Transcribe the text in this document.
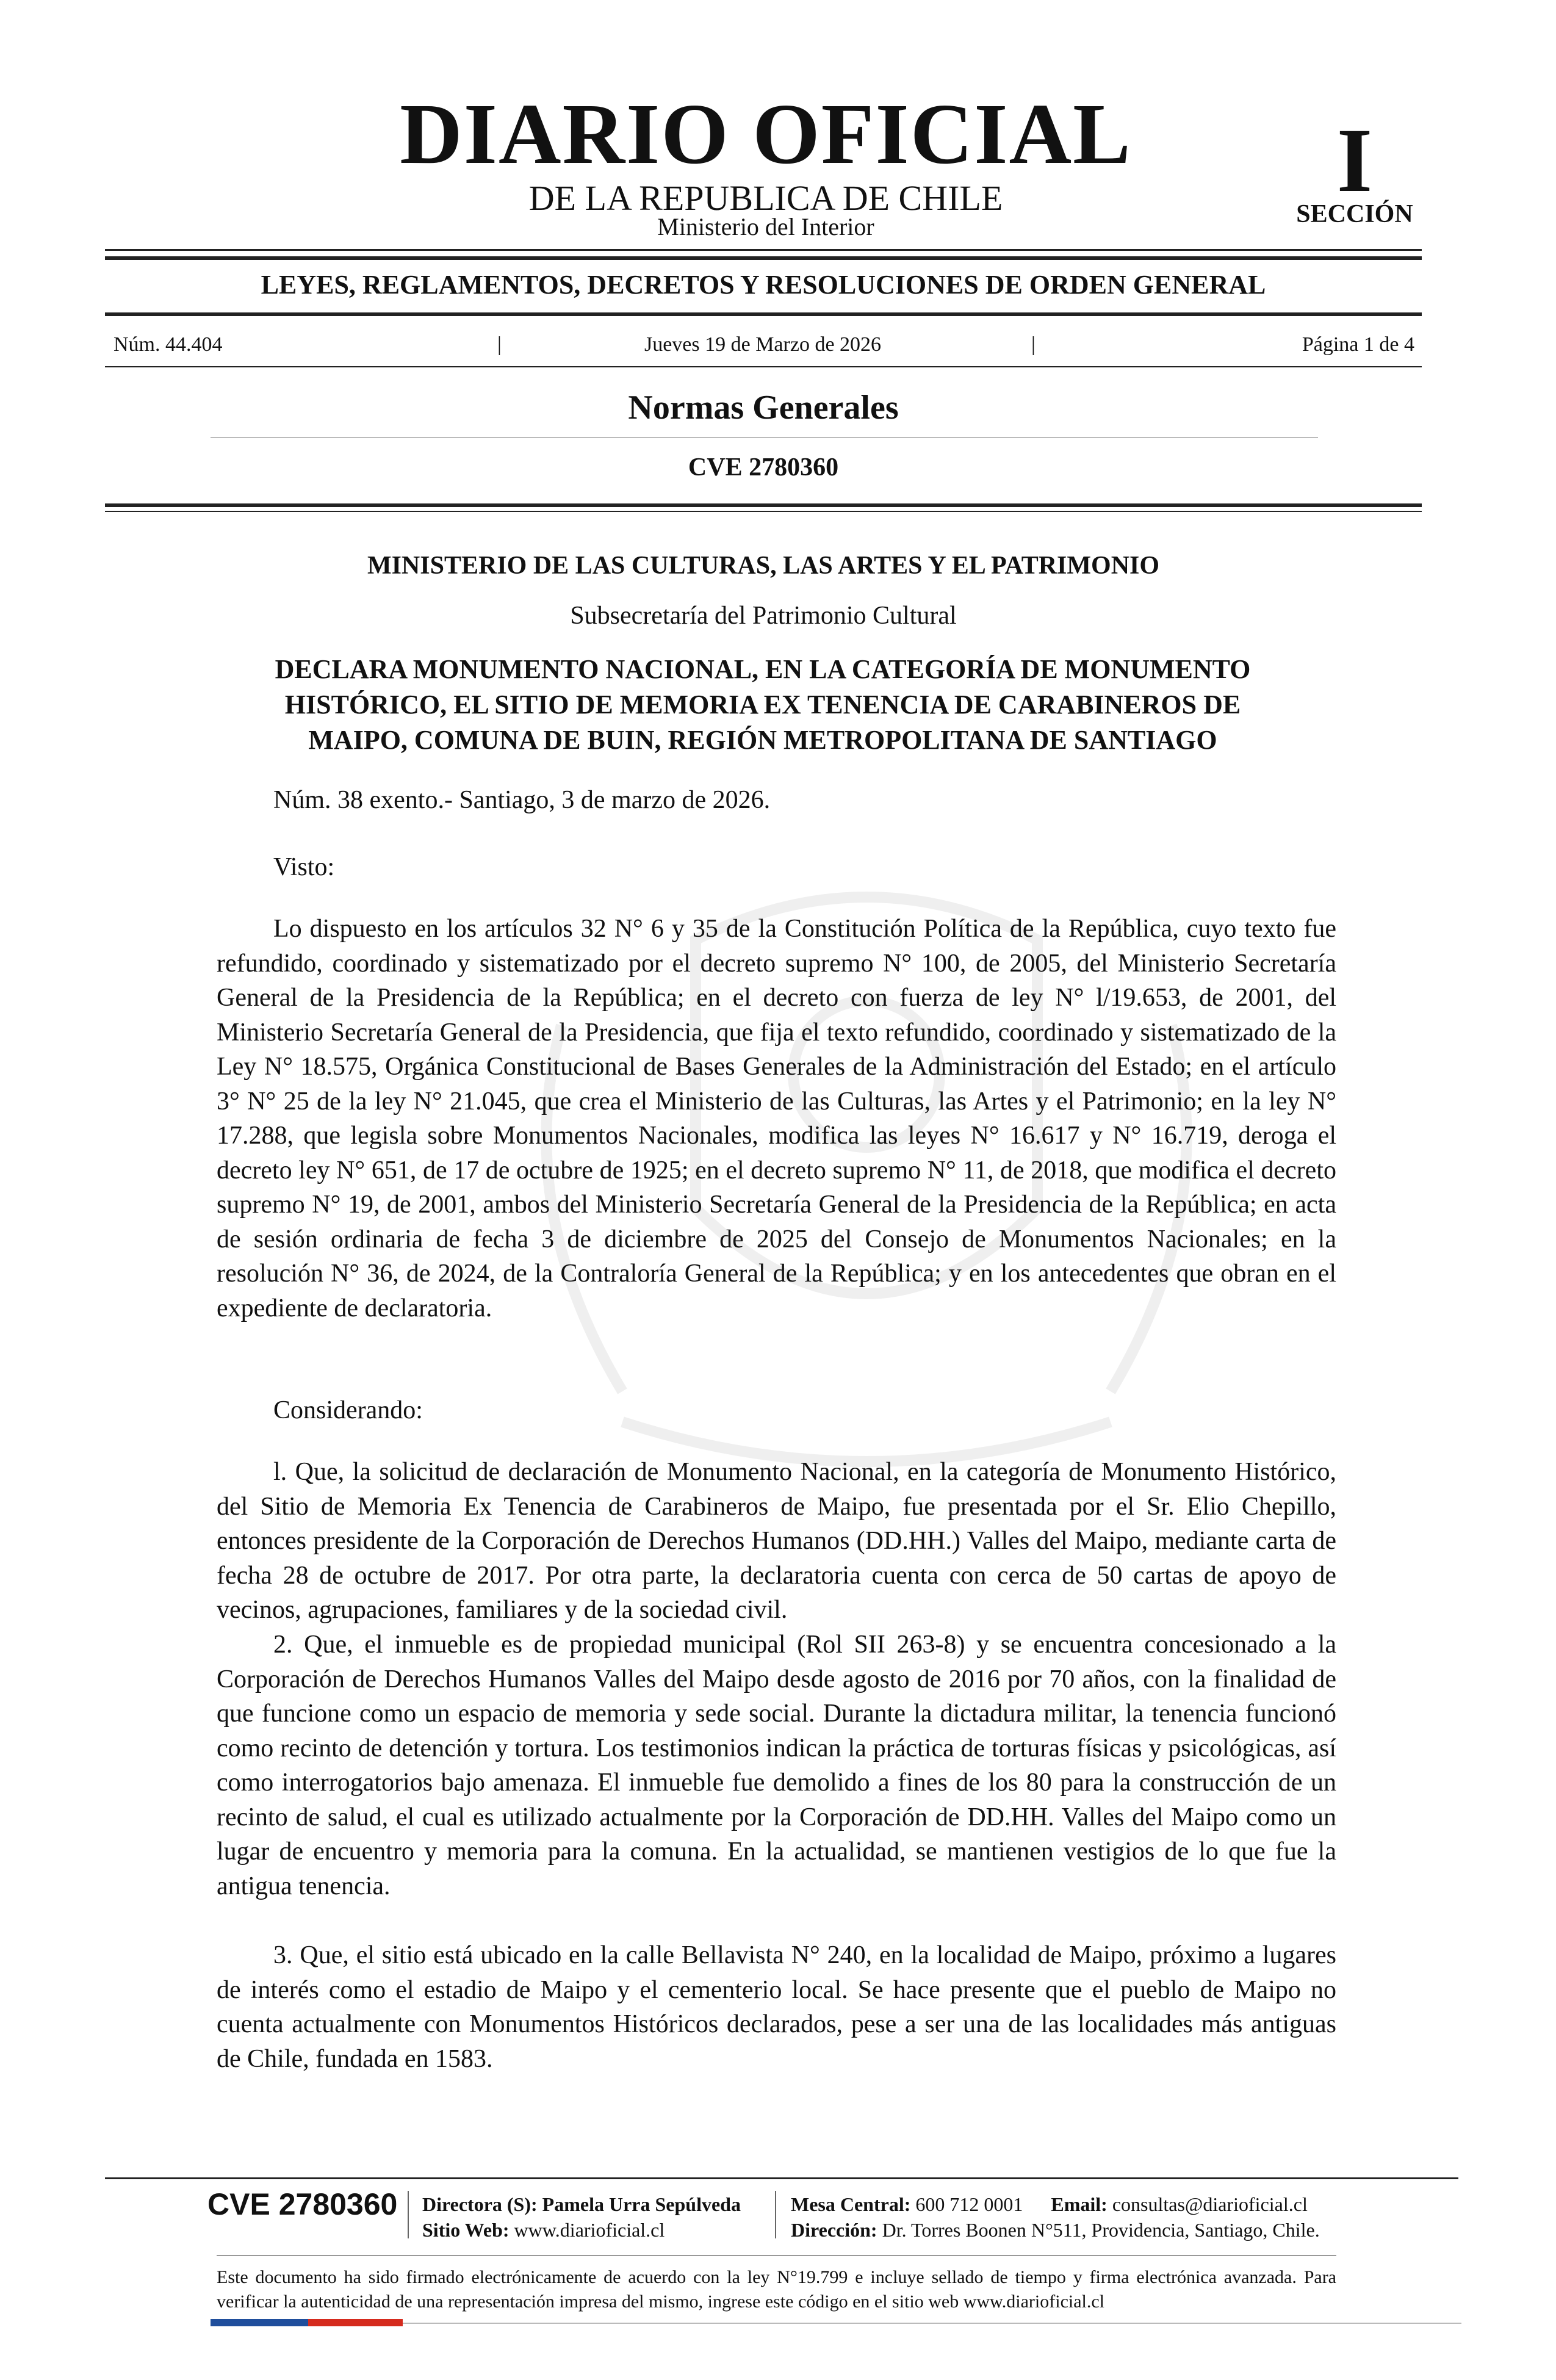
DIARIO OFICIAL
DE LA REPUBLICA DE CHILE
Ministerio del Interior
I
SECCIÓN
LEYES, REGLAMENTOS, DECRETOS Y RESOLUCIONES DE ORDEN GENERAL
Núm. 44.404	|	Jueves 19 de Marzo de 2026	|	Página 1 de 4
Normas Generales
CVE 2780360
MINISTERIO DE LAS CULTURAS, LAS ARTES Y EL PATRIMONIO
Subsecretaría del Patrimonio Cultural
DECLARA MONUMENTO NACIONAL, EN LA CATEGORÍA DE MONUMENTO
HISTÓRICO, EL SITIO DE MEMORIA EX TENENCIA DE CARABINEROS DE
MAIPO, COMUNA DE BUIN, REGIÓN METROPOLITANA DE SANTIAGO
Núm. 38 exento.- Santiago, 3 de marzo de 2026.
Visto:

Lo dispuesto en los artículos 32 N° 6 y 35 de la Constitución Política de la República, cuyo texto fue refundido, coordinado y sistematizado por el decreto supremo N° 100, de 2005, del Ministerio Secretaría General de la Presidencia de la República; en el decreto con fuerza de ley N° l/19.653, de 2001, del Ministerio Secretaría General de la Presidencia, que fija el texto refundido, coordinado y sistematizado de la Ley N° 18.575, Orgánica Constitucional de Bases Generales de la Administración del Estado; en el artículo 3° N° 25 de la ley N° 21.045, que crea el Ministerio de las Culturas, las Artes y el Patrimonio; en la ley N° 17.288, que legisla sobre Monumentos Nacionales, modifica las leyes N° 16.617 y N° 16.719, deroga el decreto ley N° 651, de 17 de octubre de 1925; en el decreto supremo N° 11, de 2018, que modifica el decreto supremo N° 19, de 2001, ambos del Ministerio Secretaría General de la Presidencia de la República; en acta de sesión ordinaria de fecha 3 de diciembre de 2025 del Consejo de Monumentos Nacionales; en la resolución N° 36, de 2024, de la Contraloría General de la República; y en los antecedentes que obran en el expediente de declaratoria.

Considerando:

l. Que, la solicitud de declaración de Monumento Nacional, en la categoría de Monumento Histórico, del Sitio de Memoria Ex Tenencia de Carabineros de Maipo, fue presentada por el Sr. Elio Chepillo, entonces presidente de la Corporación de Derechos Humanos (DD.HH.) Valles del Maipo, mediante carta de fecha 28 de octubre de 2017. Por otra parte, la declaratoria cuenta con cerca de 50 cartas de apoyo de vecinos, agrupaciones, familiares y de la sociedad civil.

2. Que, el inmueble es de propiedad municipal (Rol SII 263-8) y se encuentra concesionado a la Corporación de Derechos Humanos Valles del Maipo desde agosto de 2016 por 70 años, con la finalidad de que funcione como un espacio de memoria y sede social. Durante la dictadura militar, la tenencia funcionó como recinto de detención y tortura. Los testimonios indican la práctica de torturas físicas y psicológicas, así como interrogatorios bajo amenaza. El inmueble fue demolido a fines de los 80 para la construcción de un recinto de salud, el cual es utilizado actualmente por la Corporación de DD.HH. Valles del Maipo como un lugar de encuentro y memoria para la comuna. En la actualidad, se mantienen vestigios de lo que fue la antigua tenencia.

3. Que, el sitio está ubicado en la calle Bellavista N° 240, en la localidad de Maipo, próximo a lugares de interés como el estadio de Maipo y el cementerio local. Se hace presente que el pueblo de Maipo no cuenta actualmente con Monumentos Históricos declarados, pese a ser una de las localidades más antiguas de Chile, fundada en 1583.

CVE 2780360 Directora (S): Pamela Urra Sepúlveda
Sitio Web: www.diarioficial.cl
Mesa Central: 600 712 0001 Email: consultas@diarioficial.cl
Dirección: Dr. Torres Boonen N°511, Providencia, Santiago, Chile.
Este documento ha sido firmado electrónicamente de acuerdo con la ley N°19.799 e incluye sellado de tiempo y firma electrónica avanzada. Para verificar la autenticidad de una representación impresa del mismo, ingrese este código en el sitio web www.diarioficial.cl
